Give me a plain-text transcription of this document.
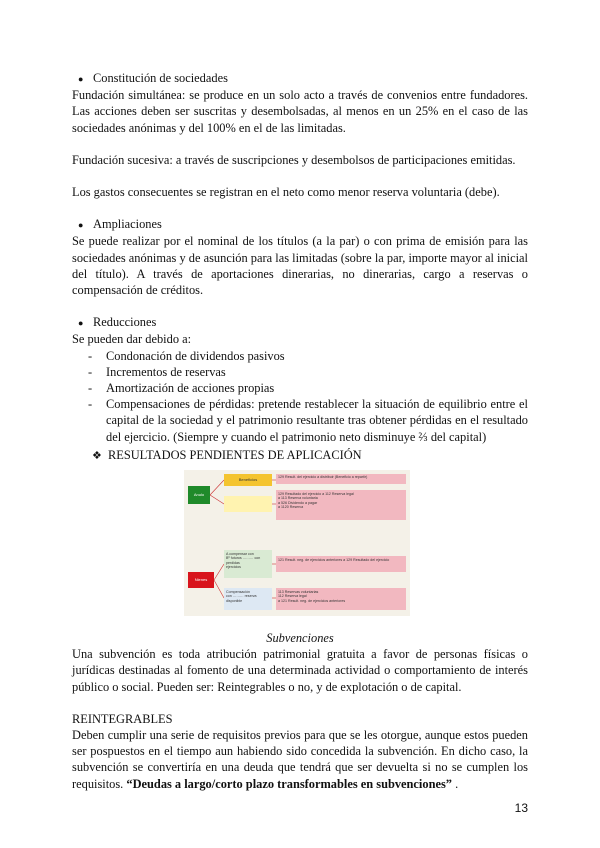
● Constitución de sociedades

Fundación simultánea: se produce en un solo acto a través de convenios entre fundadores. Las acciones deben ser suscritas y desembolsadas, al menos en un 25% en el caso de las sociedades anónimas y del 100% en el de las limitadas.

Fundación sucesiva: a través de suscripciones y desembolsos de participaciones emitidas.

Los gastos consecuentes se registran en el neto como menor reserva voluntaria (debe).

● Ampliaciones

Se puede realizar por el nominal de los títulos (a la par) o con prima de emisión para las sociedades anónimas y de asunción para las limitadas (sobre la par, importe mayor al inicial del título). A través de aportaciones dinerarias, no dinerarias, cargo a reservas o compensación de créditos.

● Reducciones

Se pueden dar debido a:

-	Condonación de dividendos pasivos
-	Incrementos de reservas
-	Amortización de acciones propias
-	Compensaciones de pérdidas: pretende restablecer la situación de equilibrio entre el capital de la sociedad y el patrimonio resultante tras obtener pérdidas en el resultado del ejercicio. (Siempre y cuando el patrimonio neto disminuye ⅔ del capital)
❖ RESULTADOS PENDIENTES DE APLICACIÓN
Anulo
Nienes
Beneficios
A compensar con
Bº futuros ……… con
perdidas
ejercicios
Compensación
con ……… reserva
disponible
129 Result. del ejercicio a distribuir (Beneficio a repartir)
129 Resultado del ejercicio a 112 Reserva legal
a 113 Reserva voluntaria
a 526 Dividendo a pagar
a 1120 Reserva
121 Result. neg. de ejercicios anteriores a 129 Resultado del ejercicio
113 Reservas voluntarias
112 Reserva legal
a 121 Result. neg. de ejercicios anteriores

Subvenciones

Una subvención es toda atribución patrimonial gratuita a favor de personas físicas o jurídicas destinadas al fomento de una determinada actividad o comportamiento de interés público o social. Pueden ser: Reintegrables o no, y de explotación o de capital.

REINTEGRABLES

Deben cumplir una serie de requisitos previos para que se les otorgue, aunque estos pueden ser pospuestos en el tiempo aun habiendo sido concedida la subvención. En dicho caso, la subvención se convertiría en una deuda que tendrá que ser devuelta si no se cumplen los requisitos. “Deudas a largo/corto plazo transformables en subvenciones” .

13
